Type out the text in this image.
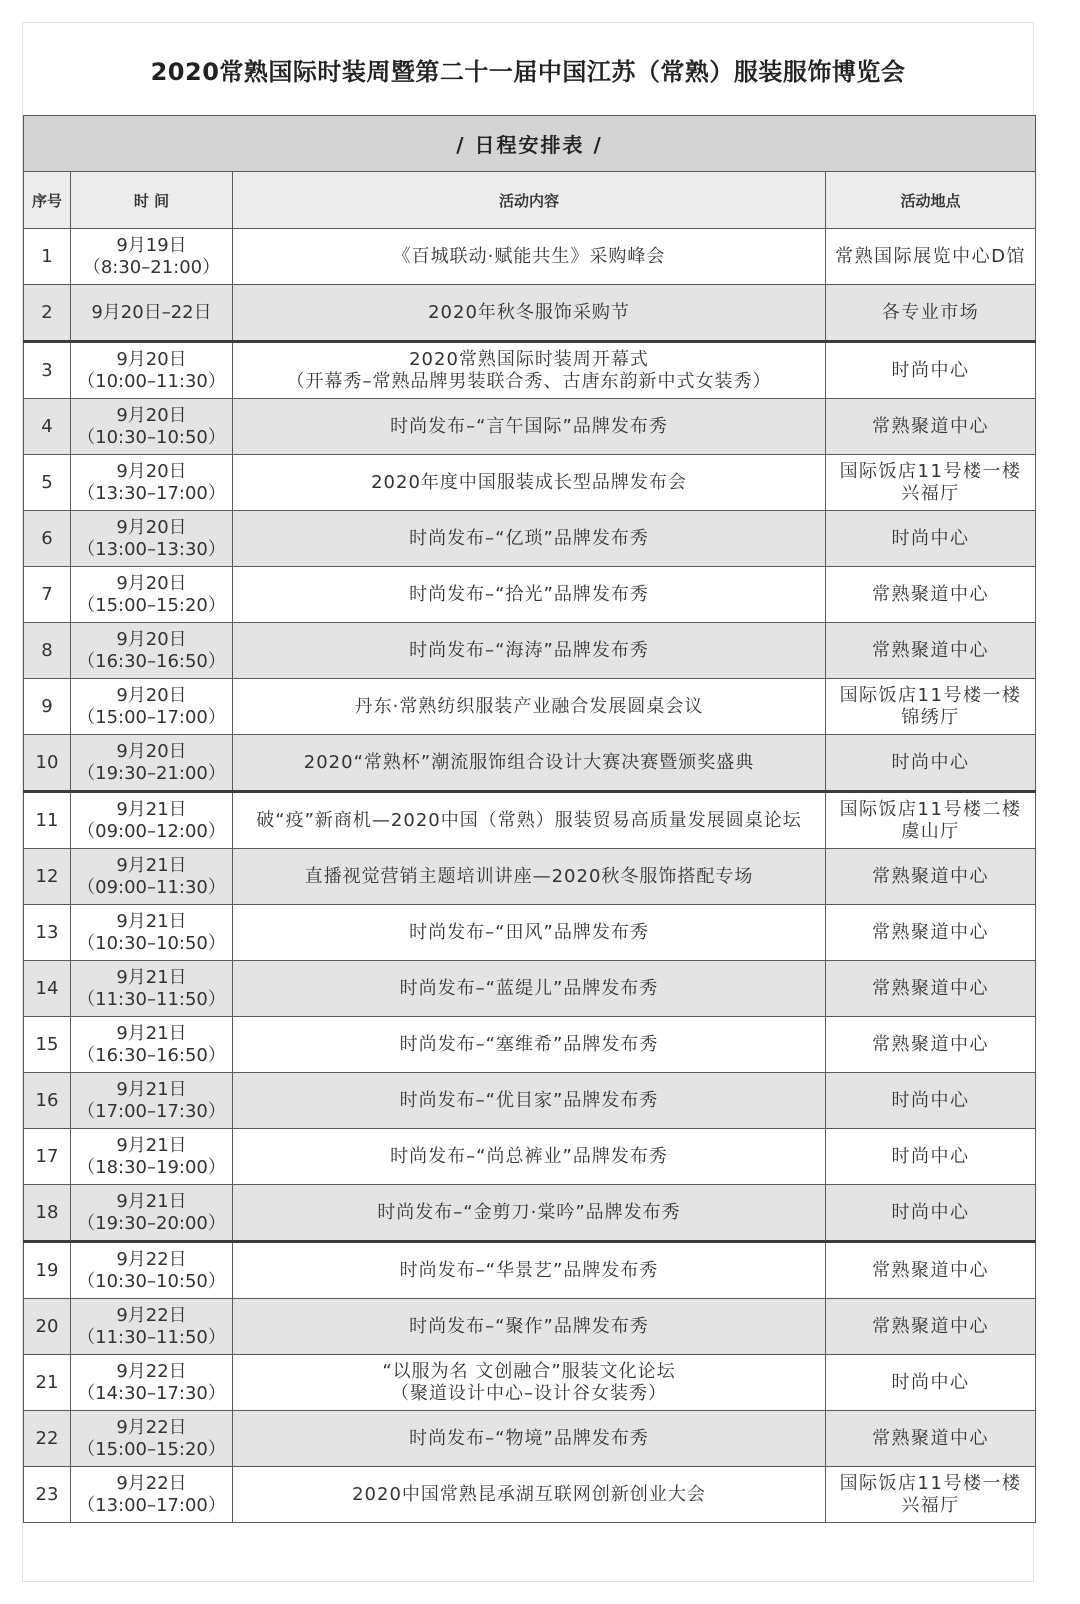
2020常熟国际时装周暨第二十一届中国江苏（常熟）服装服饰博览会
/ 日程安排表 /			
序号	时 间	活动内容	活动地点
1	9月19日
（8:30–21:00）	《百城联动·赋能共生》采购峰会	常熟国际展览中心D馆

2	9月20日–22日	2020年秋冬服饰采购节	各专业市场

3	9月20日
（10:00–11:30）	2020常熟国际时装周开幕式
（开幕秀–常熟品牌男装联合秀、古唐东韵新中式女装秀）	时尚中心

4	9月20日
（10:30–10:50）	时尚发布–“言午国际”品牌发布秀	常熟聚道中心

5	9月20日
（13:30–17:00）	2020年度中国服装成长型品牌发布会	国际饭店11号楼一楼
兴福厅

6	9月20日
（13:00–13:30）	时尚发布–“亿琐”品牌发布秀	时尚中心

7	9月20日
（15:00–15:20）	时尚发布–“拾光”品牌发布秀	常熟聚道中心

8	9月20日
（16:30–16:50）	时尚发布–“海涛”品牌发布秀	常熟聚道中心

9	9月20日
（15:00–17:00）	丹东·常熟纺织服装产业融合发展圆桌会议	国际饭店11号楼一楼
锦绣厅

10	9月20日
（19:30–21:00）	2020“常熟杯”潮流服饰组合设计大赛决赛暨颁奖盛典	时尚中心

11	9月21日
（09:00–12:00）	破“疫”新商机—2020中国（常熟）服装贸易高质量发展圆桌论坛	国际饭店11号楼二楼
虞山厅

12	9月21日
（09:00–11:30）	直播视觉营销主题培训讲座—2020秋冬服饰搭配专场	常熟聚道中心

13	9月21日
（10:30–10:50）	时尚发布–“田风”品牌发布秀	常熟聚道中心

14	9月21日
（11:30–11:50）	时尚发布–“蓝缇儿”品牌发布秀	常熟聚道中心

15	9月21日
（16:30–16:50）	时尚发布–“塞维希”品牌发布秀	常熟聚道中心

16	9月21日
（17:00–17:30）	时尚发布–“优目家”品牌发布秀	时尚中心

17	9月21日
（18:30–19:00）	时尚发布–“尚总裤业”品牌发布秀	时尚中心

18	9月21日
（19:30–20:00）	时尚发布–“金剪刀·棠吟”品牌发布秀	时尚中心

19	9月22日
（10:30–10:50）	时尚发布–“华景艺”品牌发布秀	常熟聚道中心

20	9月22日
（11:30–11:50）	时尚发布–“聚作”品牌发布秀	常熟聚道中心

21	9月22日
（14:30–17:30）	“以服为名 文创融合”服装文化论坛
（聚道设计中心–设计谷女装秀）	时尚中心

22	9月22日
（15:00–15:20）	时尚发布–“物境”品牌发布秀	常熟聚道中心

23	9月22日
（13:00–17:00）	2020中国常熟昆承湖互联网创新创业大会	国际饭店11号楼一楼
兴福厅
